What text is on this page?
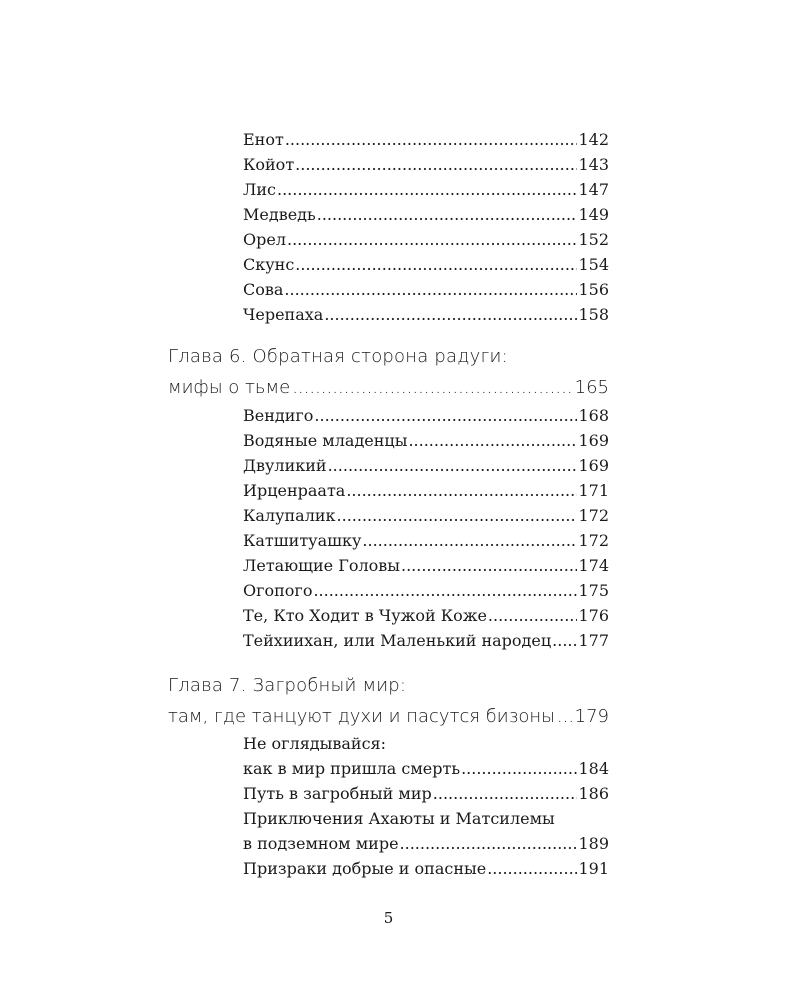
Енот .....	142
Койот .....	143
Лис .....	147
Медведь .....	149
Орел .....	152
Скунс .....	154
Сова .....	156
Черепаха .....	158
Глава 6. Обратная сторона радуги:
мифы о тьме .....	165
Вендиго .....	168
Водяные младенцы .....	169
Двуликий .....	169
Ирценраата .....	171
Калупалик .....	172
Катшитуашку .....	172
Летающие Головы .....	174
Огопого .....	175
Те, Кто Ходит в Чужой Коже .....	176
Тейхиихан, или Маленький народец ..... 177
Глава 7. Загробный мир:
там, где танцуют духи и пасутся бизоны ..... 179
Не оглядывайся:
как в мир пришла смерть .....	184
Путь в загробный мир .....	186
Приключения Ахаюты и Матсилемы
в подземном мире .....	189
Призраки добрые и опасные .....	191
5
